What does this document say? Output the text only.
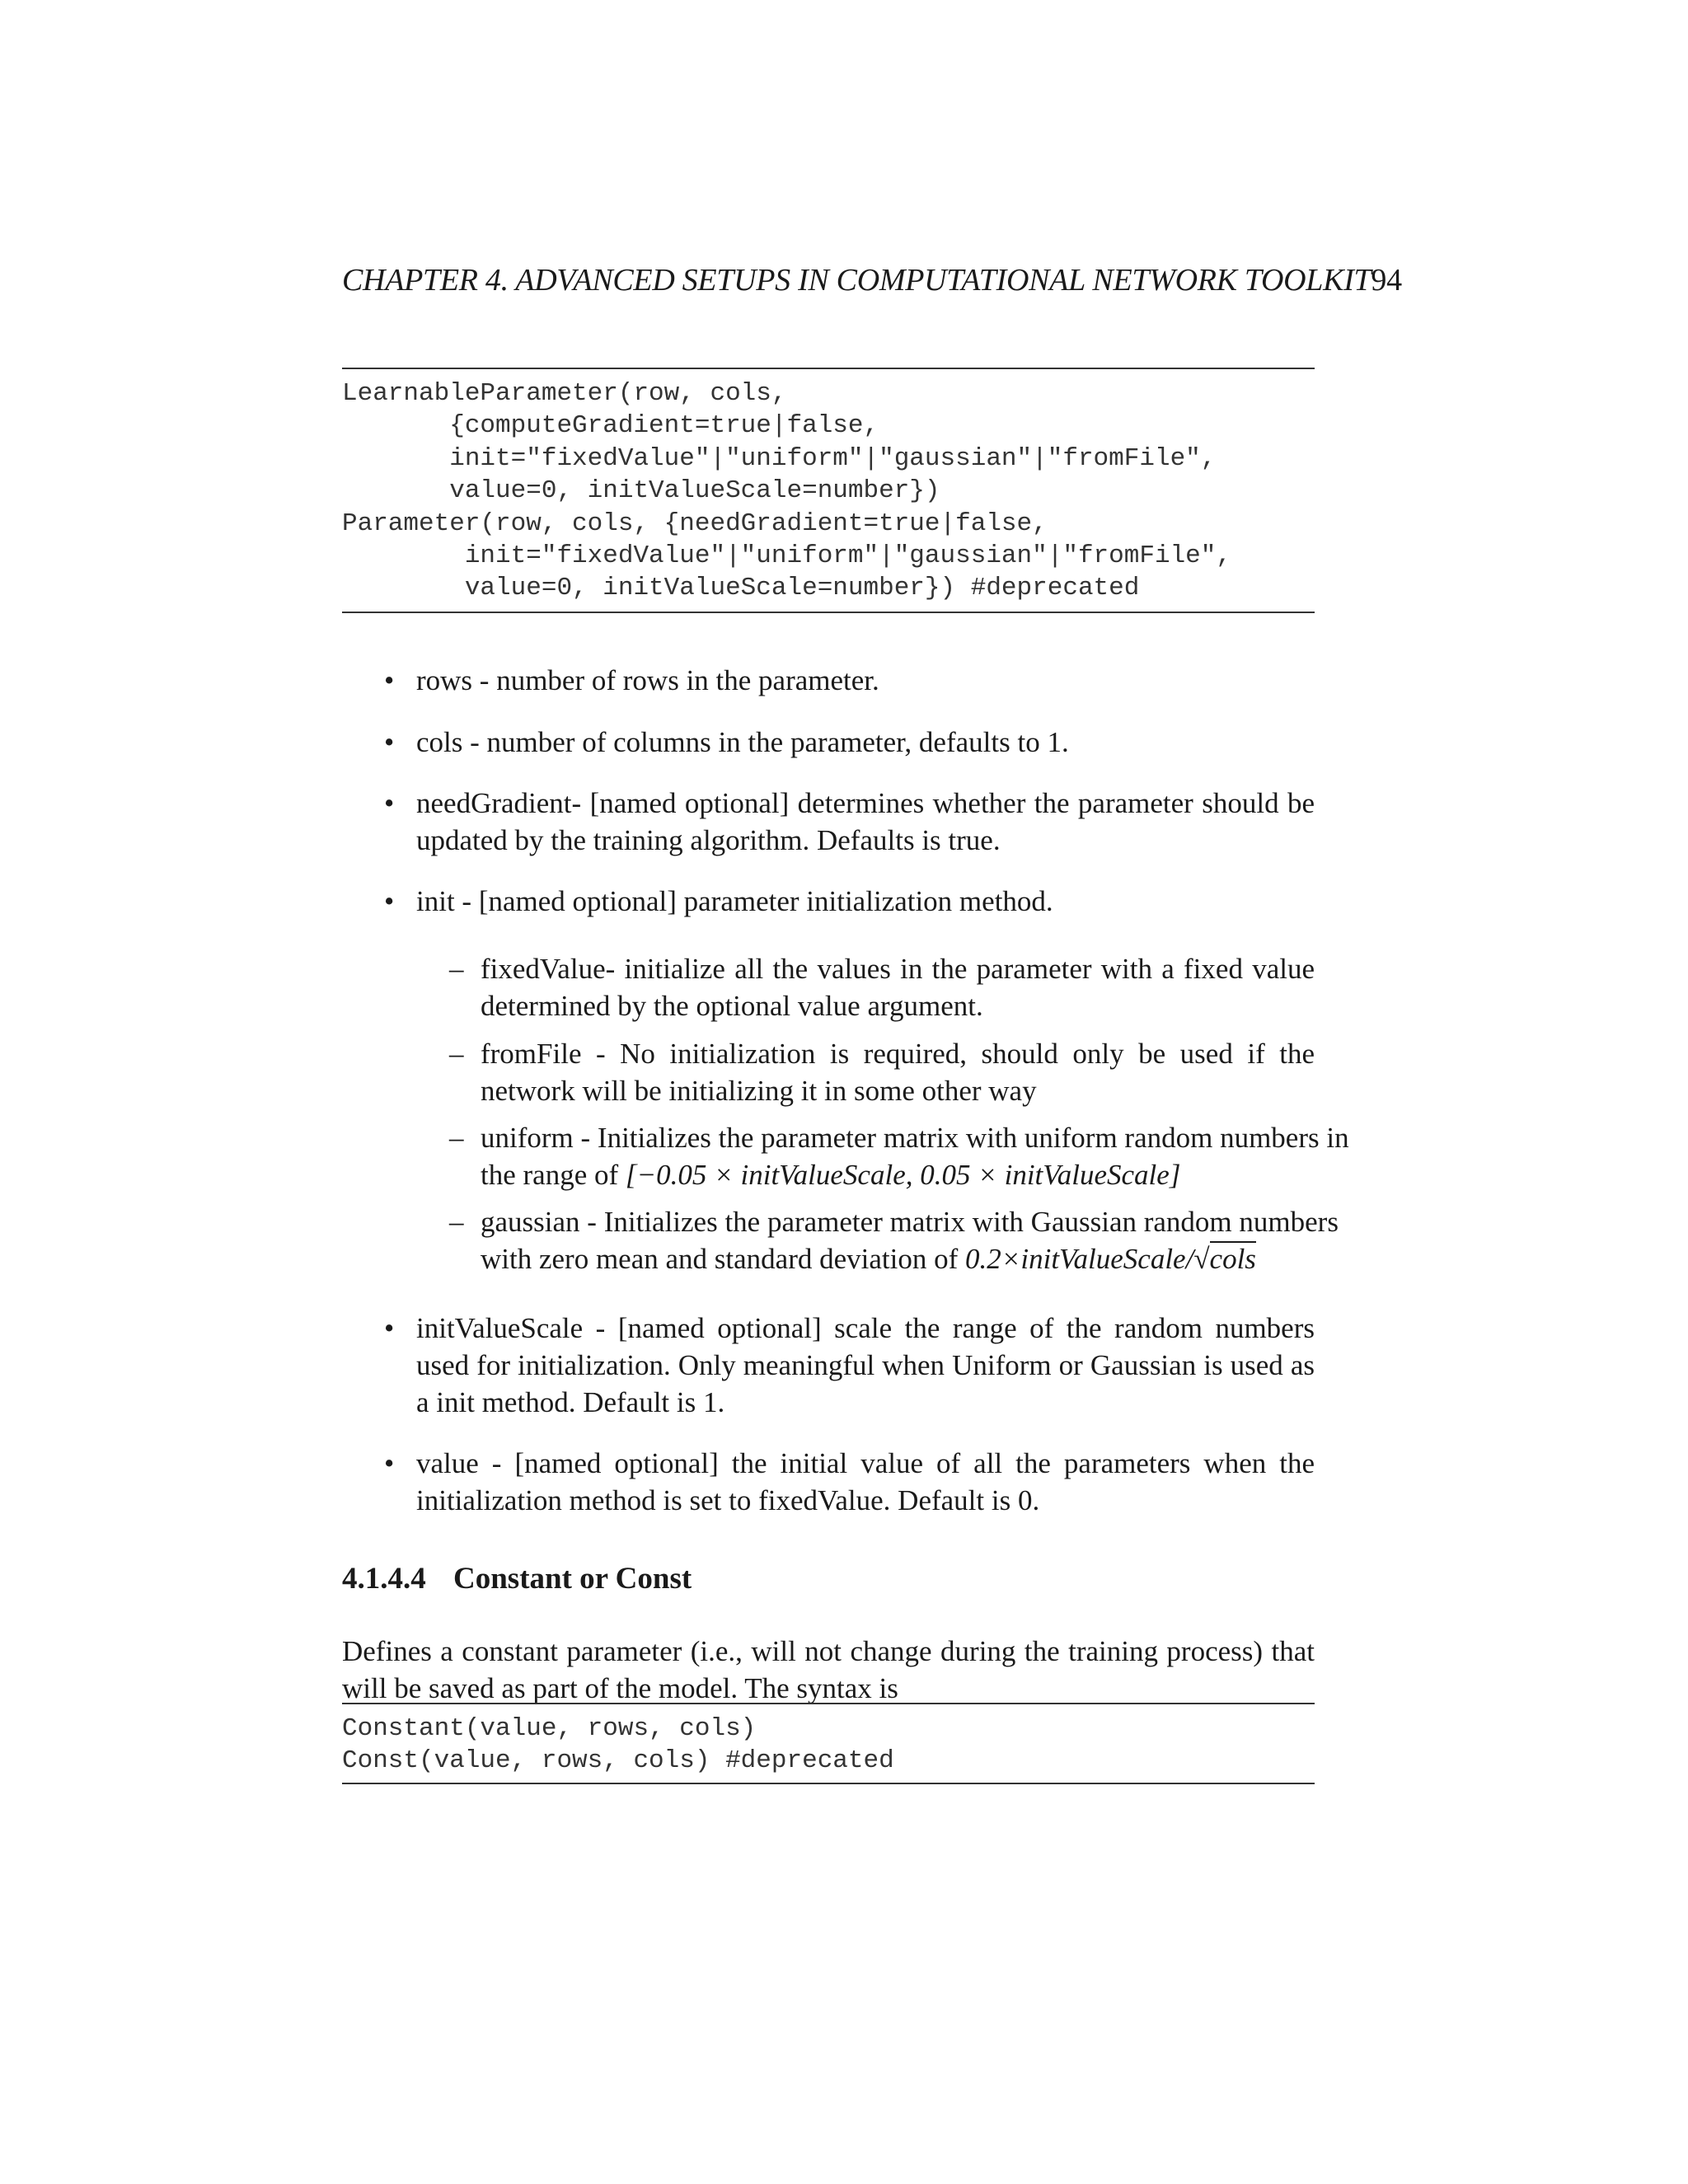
CHAPTER 4. ADVANCED SETUPS IN COMPUTATIONAL NETWORK TOOLKIT94
LearnableParameter(row, cols,
{computeGradient=true|false,
init="fixedValue"|"uniform"|"gaussian"|"fromFile",
value=0, initValueScale=number})
Parameter(row, cols, {needGradient=true|false,
init="fixedValue"|"uniform"|"gaussian"|"fromFile",
value=0, initValueScale=number}) #deprecated
• rows - number of rows in the parameter.
• cols - number of columns in the parameter, defaults to 1.
• needGradient- [named optional] determines whether the parameter should be updated by the training algorithm. Defaults is true.
• init - [named optional] parameter initialization method.
– fixedValue- initialize all the values in the parameter with a fixed value determined by the optional value argument.
– fromFile - No initialization is required, should only be used if the network will be initializing it in some other way
– uniform - Initializes the parameter matrix with uniform random numbers in the range of [−0.05 × initValueScale, 0.05 × initValueScale]
– gaussian - Initializes the parameter matrix with Gaussian random numbers with zero mean and standard deviation of 0.2×initValueScale/√cols
• initValueScale - [named optional] scale the range of the random numbers used for initialization. Only meaningful when Uniform or Gaussian is used as a init method. Default is 1.
• value - [named optional] the initial value of all the parameters when the initialization method is set to fixedValue. Default is 0.
4.1.4.4 Constant or Const
Defines a constant parameter (i.e., will not change during the training process) that will be saved as part of the model. The syntax is
Constant(value, rows, cols)
Const(value, rows, cols) #deprecated
